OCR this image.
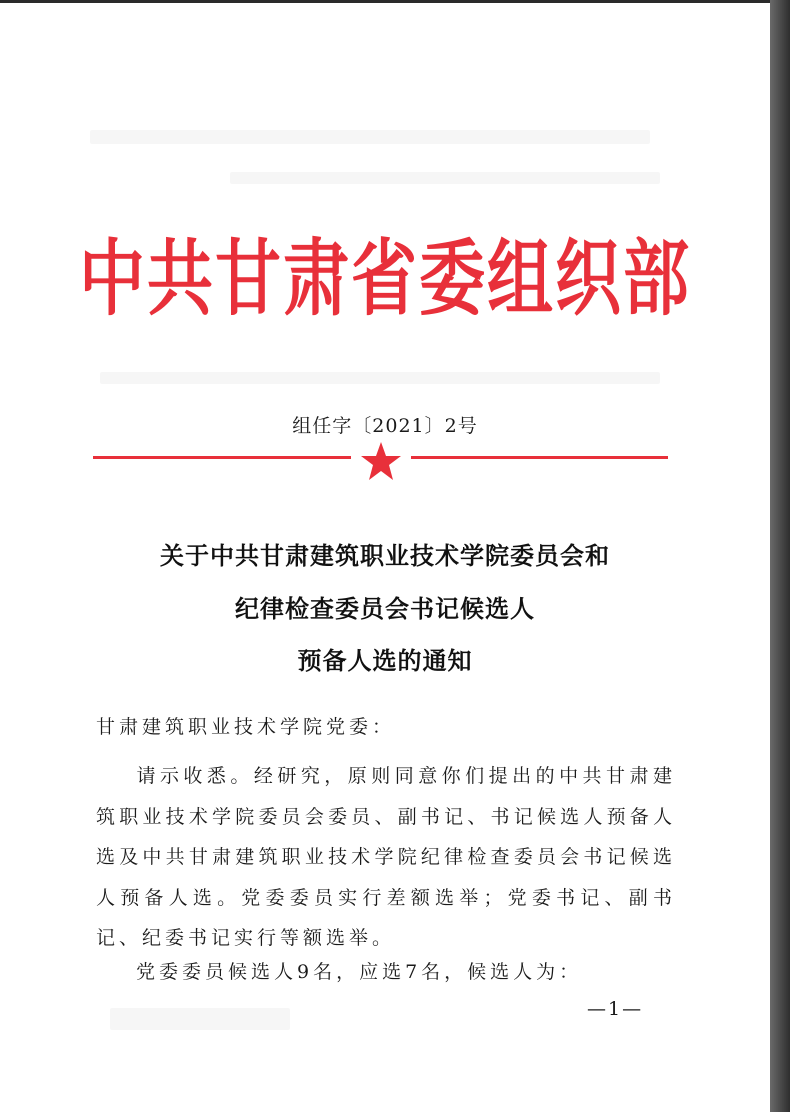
中共甘肃省委组织部
组任字〔2021〕2号
关于中共甘肃建筑职业技术学院委员会和
纪律检查委员会书记候选人
预备人选的通知
甘肃建筑职业技术学院党委：
请示收悉。经研究，原则同意你们提出的中共甘肃建筑职业技术学院委员会委员、副书记、书记候选人预备人选及中共甘肃建筑职业技术学院纪律检查委员会书记候选人预备人选。党委委员实行差额选举；党委书记、副书记、纪委书记实行等额选举。
党委委员候选人9名，应选7名，候选人为：
—1—
